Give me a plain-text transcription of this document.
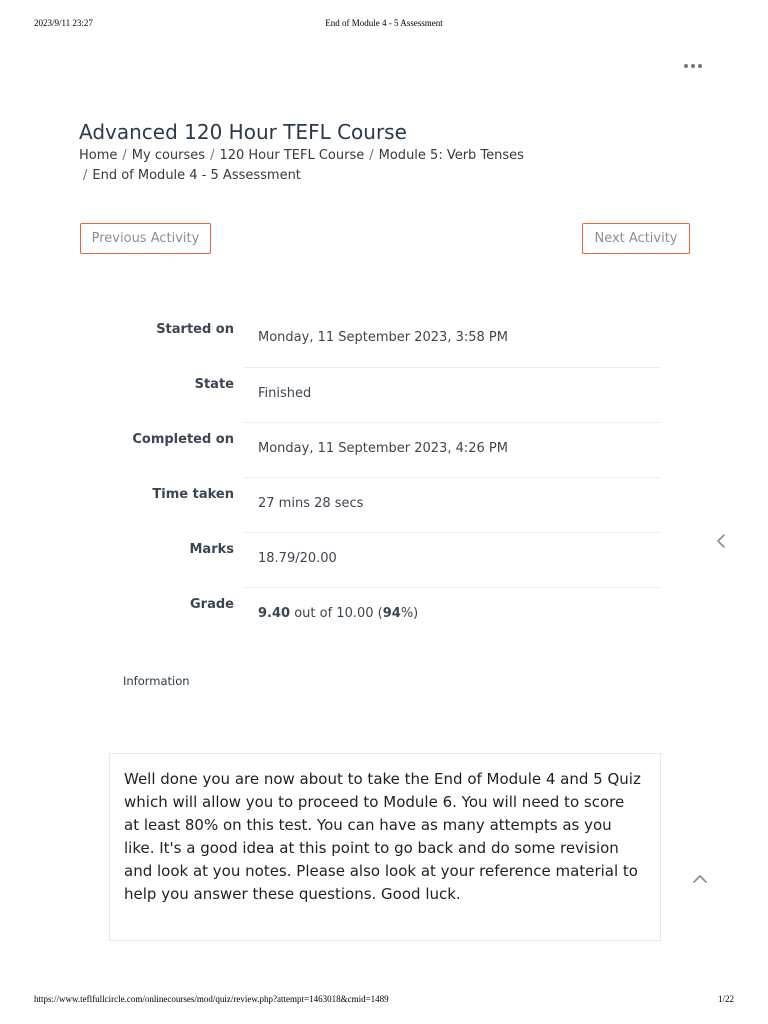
2023/9/11 23:27	End of Module 4 - 5 Assessment
Advanced 120 Hour TEFL Course
Home / My courses / 120 Hour TEFL Course / Module 5: Verb Tenses
/ End of Module 4 - 5 Assessment
Previous Activity	Next Activity
Started on	Monday, 11 September 2023, 3:58 PM
State	Finished
Completed on	Monday, 11 September 2023, 4:26 PM
Time taken	27 mins 28 secs
Marks	18.79/20.00
Grade	9.40 out of 10.00 (94%)
Information

Well done you are now about to take the End of Module 4 and 5 Quiz which will allow you to proceed to Module 6. You will need to score at least 80% on this test. You can have as many attempts as you like. It's a good idea at this point to go back and do some revision and look at you notes. Please also look at your reference material to help you answer these questions. Good luck.

https://www.teflfullcircle.com/onlinecourses/mod/quiz/review.php?attempt=1463018&cmid=1489	1/22
